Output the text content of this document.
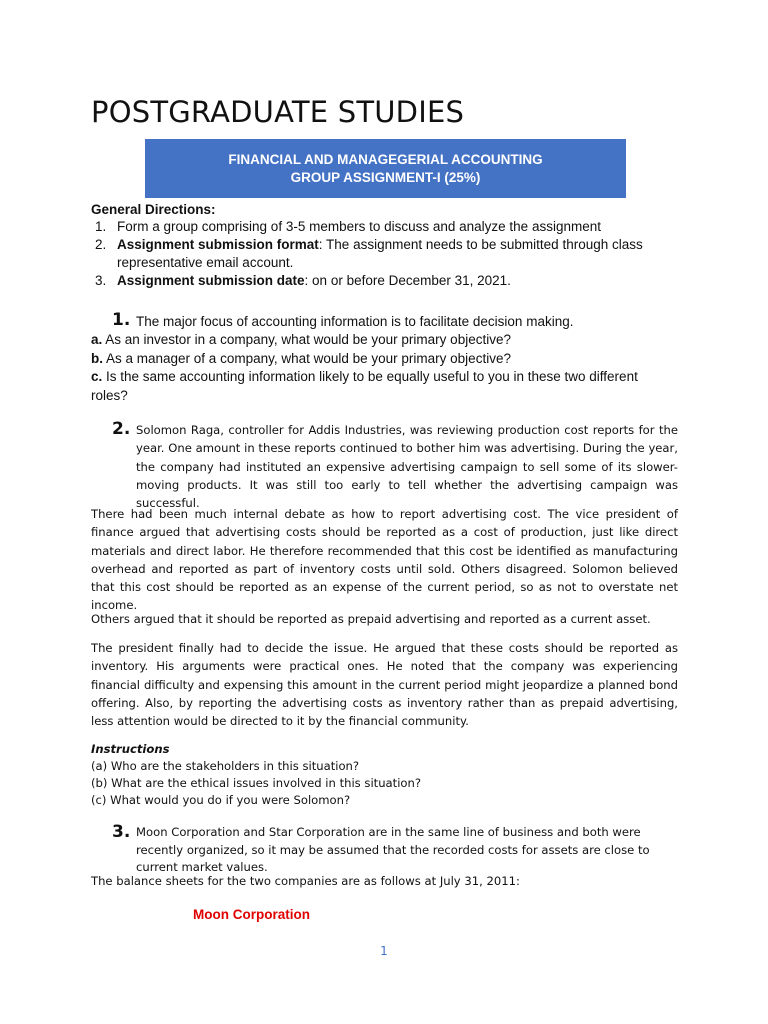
POSTGRADUATE STUDIES
FINANCIAL AND MANAGEGERIAL ACCOUNTING
GROUP ASSIGNMENT-I (25%)
General Directions:
1. Form a group comprising of 3-5 members to discuss and analyze the assignment
2. Assignment submission format: The assignment needs to be submitted through class representative email account.
3. Assignment submission date: on or before December 31, 2021.
1. The major focus of accounting information is to facilitate decision making.

a. As an investor in a company, what would be your primary objective?

b. As a manager of a company, what would be your primary objective?

c. Is the same accounting information likely to be equally useful to you in these two different roles?

2. Solomon Raga, controller for Addis Industries, was reviewing production cost reports for the year. One amount in these reports continued to bother him was advertising. During the year, the company had instituted an expensive advertising campaign to sell some of its slower-moving products. It was still too early to tell whether the advertising campaign was successful.

There had been much internal debate as how to report advertising cost. The vice president of finance argued that advertising costs should be reported as a cost of production, just like direct materials and direct labor. He therefore recommended that this cost be identified as manufacturing overhead and reported as part of inventory costs until sold. Others disagreed. Solomon believed that this cost should be reported as an expense of the current period, so as not to overstate net income.

Others argued that it should be reported as prepaid advertising and reported as a current asset.

The president finally had to decide the issue. He argued that these costs should be reported as inventory. His arguments were practical ones. He noted that the company was experiencing financial difficulty and expensing this amount in the current period might jeopardize a planned bond offering. Also, by reporting the advertising costs as inventory rather than as prepaid advertising, less attention would be directed to it by the financial community.

Instructions
(a) Who are the stakeholders in this situation?
(b) What are the ethical issues involved in this situation?
(c) What would you do if you were Solomon?
3. Moon Corporation and Star Corporation are in the same line of business and both were recently organized, so it may be assumed that the recorded costs for assets are close to current market values.
The balance sheets for the two companies are as follows at July 31, 2011:
Moon Corporation
1
